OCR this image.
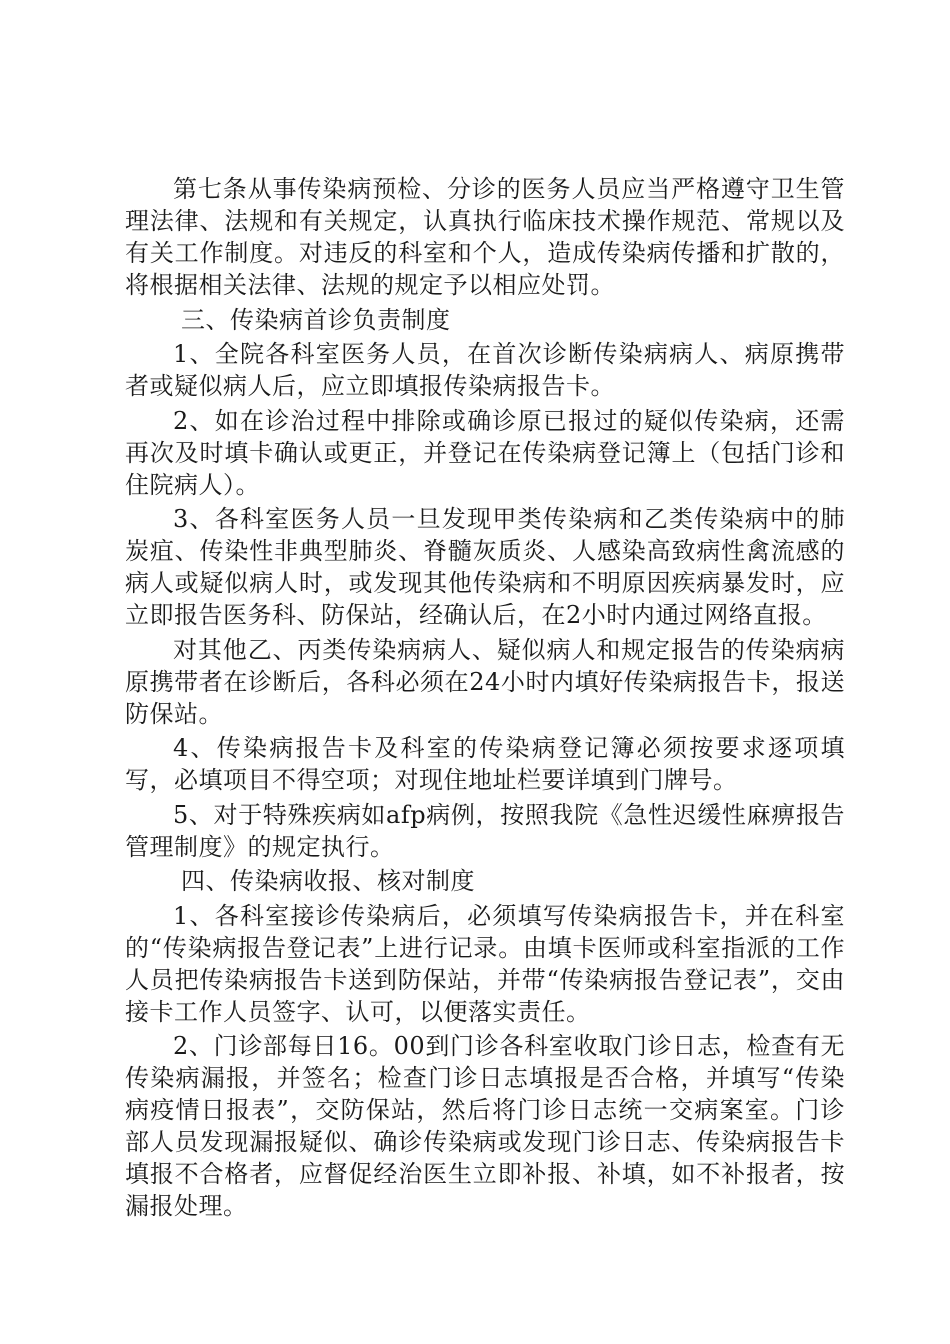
第七条从事传染病预检、分诊的医务人员应当严格遵守卫生管理法律、法规和有关规定，认真执行临床技术操作规范、常规以及有关工作制度。对违反的科室和个人，造成传染病传播和扩散的，将根据相关法律、法规的规定予以相应处罚。

三、传染病首诊负责制度

1、全院各科室医务人员，在首次诊断传染病病人、病原携带者或疑似病人后，应立即填报传染病报告卡。

2、如在诊治过程中排除或确诊原已报过的疑似传染病，还需再次及时填卡确认或更正，并登记在传染病登记簿上（包括门诊和住院病人）。

3、各科室医务人员一旦发现甲类传染病和乙类传染病中的肺炭疽、传染性非典型肺炎、脊髓灰质炎、人感染高致病性禽流感的病人或疑似病人时，或发现其他传染病和不明原因疾病暴发时，应立即报告医务科、防保站，经确认后，在2小时内通过网络直报。

对其他乙、丙类传染病病人、疑似病人和规定报告的传染病病原携带者在诊断后，各科必须在24小时内填好传染病报告卡，报送防保站。

4、传染病报告卡及科室的传染病登记簿必须按要求逐项填写，必填项目不得空项；对现住地址栏要详填到门牌号。

5、对于特殊疾病如afp病例，按照我院《急性迟缓性麻痹报告管理制度》的规定执行。

四、传染病收报、核对制度

1、各科室接诊传染病后，必须填写传染病报告卡，并在科室的“传染病报告登记表”上进行记录。由填卡医师或科室指派的工作人员把传染病报告卡送到防保站，并带“传染病报告登记表”，交由接卡工作人员签字、认可，以便落实责任。

2、门诊部每日16。00到门诊各科室收取门诊日志，检查有无传染病漏报，并签名；检查门诊日志填报是否合格，并填写“传染病疫情日报表”，交防保站，然后将门诊日志统一交病案室。门诊部人员发现漏报疑似、确诊传染病或发现门诊日志、传染病报告卡填报不合格者，应督促经治医生立即补报、补填，如不补报者，按漏报处理。
